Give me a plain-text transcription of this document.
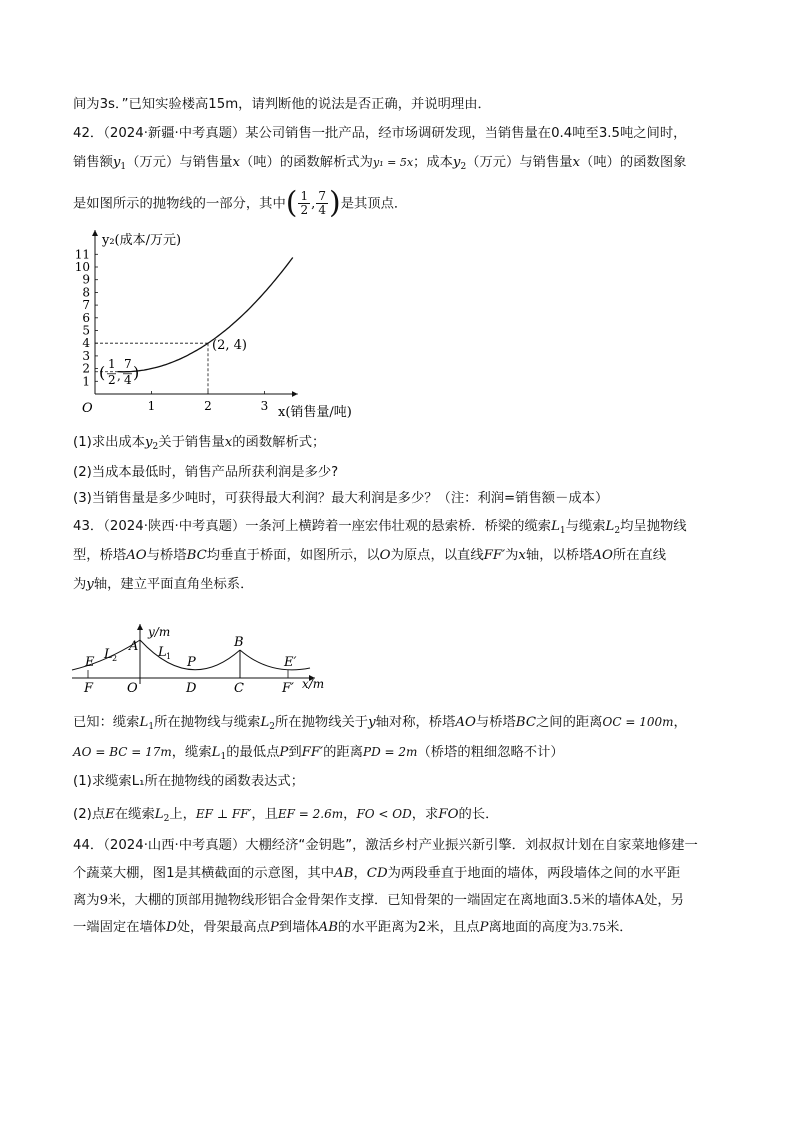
间为3s．”已知实验楼高15m，请判断他的说法是否正确，并说明理由．
42．（2024·新疆·中考真题）某公司销售一批产品，经市场调研发现，当销售量在0.4吨至3.5吨之间时，
销售额$y_1$（万元）与销售量x（吨）的函数解析式为y₁ = 5x；成本$y_2$（万元）与销售量x（吨）的函数图象
是如图所示的抛物线的一部分，其中( $\frac{1}{2}$ , $\frac{7}{4}$ )是其顶点．
1
2
3
4
5
6
7
8
9
10
11
1	2	3
y₂(成本/万元)
x(销售量/吨)
O
(2, 4)
( 1
2 ,
7
4 )
(1)求出成本$y_2$关于销售量x的函数解析式；
(2)当成本最低时，销售产品所获利润是多少?
(3)当销售量是多少吨时，可获得最大利润？最大利润是多少？（注：利润=销售额－成本）
43．（2024·陕西·中考真题）一条河上横跨着一座宏伟壮观的悬索桥．桥梁的缆索$L_1$与缆索$L_2$均呈抛物线
型，桥塔AO与桥塔BC均垂直于桥面，如图所示，以O为原点，以直线FF′为x轴，以桥塔AO所在直线
为y轴，建立平面直角坐标系．
E
L 2
A
y/m
L 1 P
B
E′
F	O	D	C	F′ x/m
已知：缆索$L_1$所在抛物线与缆索$L_2$所在抛物线关于y轴对称，桥塔AO与桥塔BC之间的距离OC = 100m，
AO = BC = 17m，缆索$L_1$的最低点P到FF′的距离PD = 2m（桥塔的粗细忽略不计）
(1)求缆索L₁所在抛物线的函数表达式；
(2)点E在缆索$L_2$上，EF ⊥ FF′，且EF = 2.6m，FO < OD，求FO的长．
44．（2024·山西·中考真题）大棚经济“金钥匙”，激活乡村产业振兴新引擎．刘叔叔计划在自家菜地修建一
个蔬菜大棚，图1是其横截面的示意图，其中AB，CD为两段垂直于地面的墙体，两段墙体之间的水平距
离为9米，大棚的顶部用抛物线形铝合金骨架作支撑．已知骨架的一端固定在离地面3.5米的墙体A处，另
一端固定在墙体D处，骨架最高点P到墙体AB的水平距离为2米，且点P离地面的高度为3.75米．
